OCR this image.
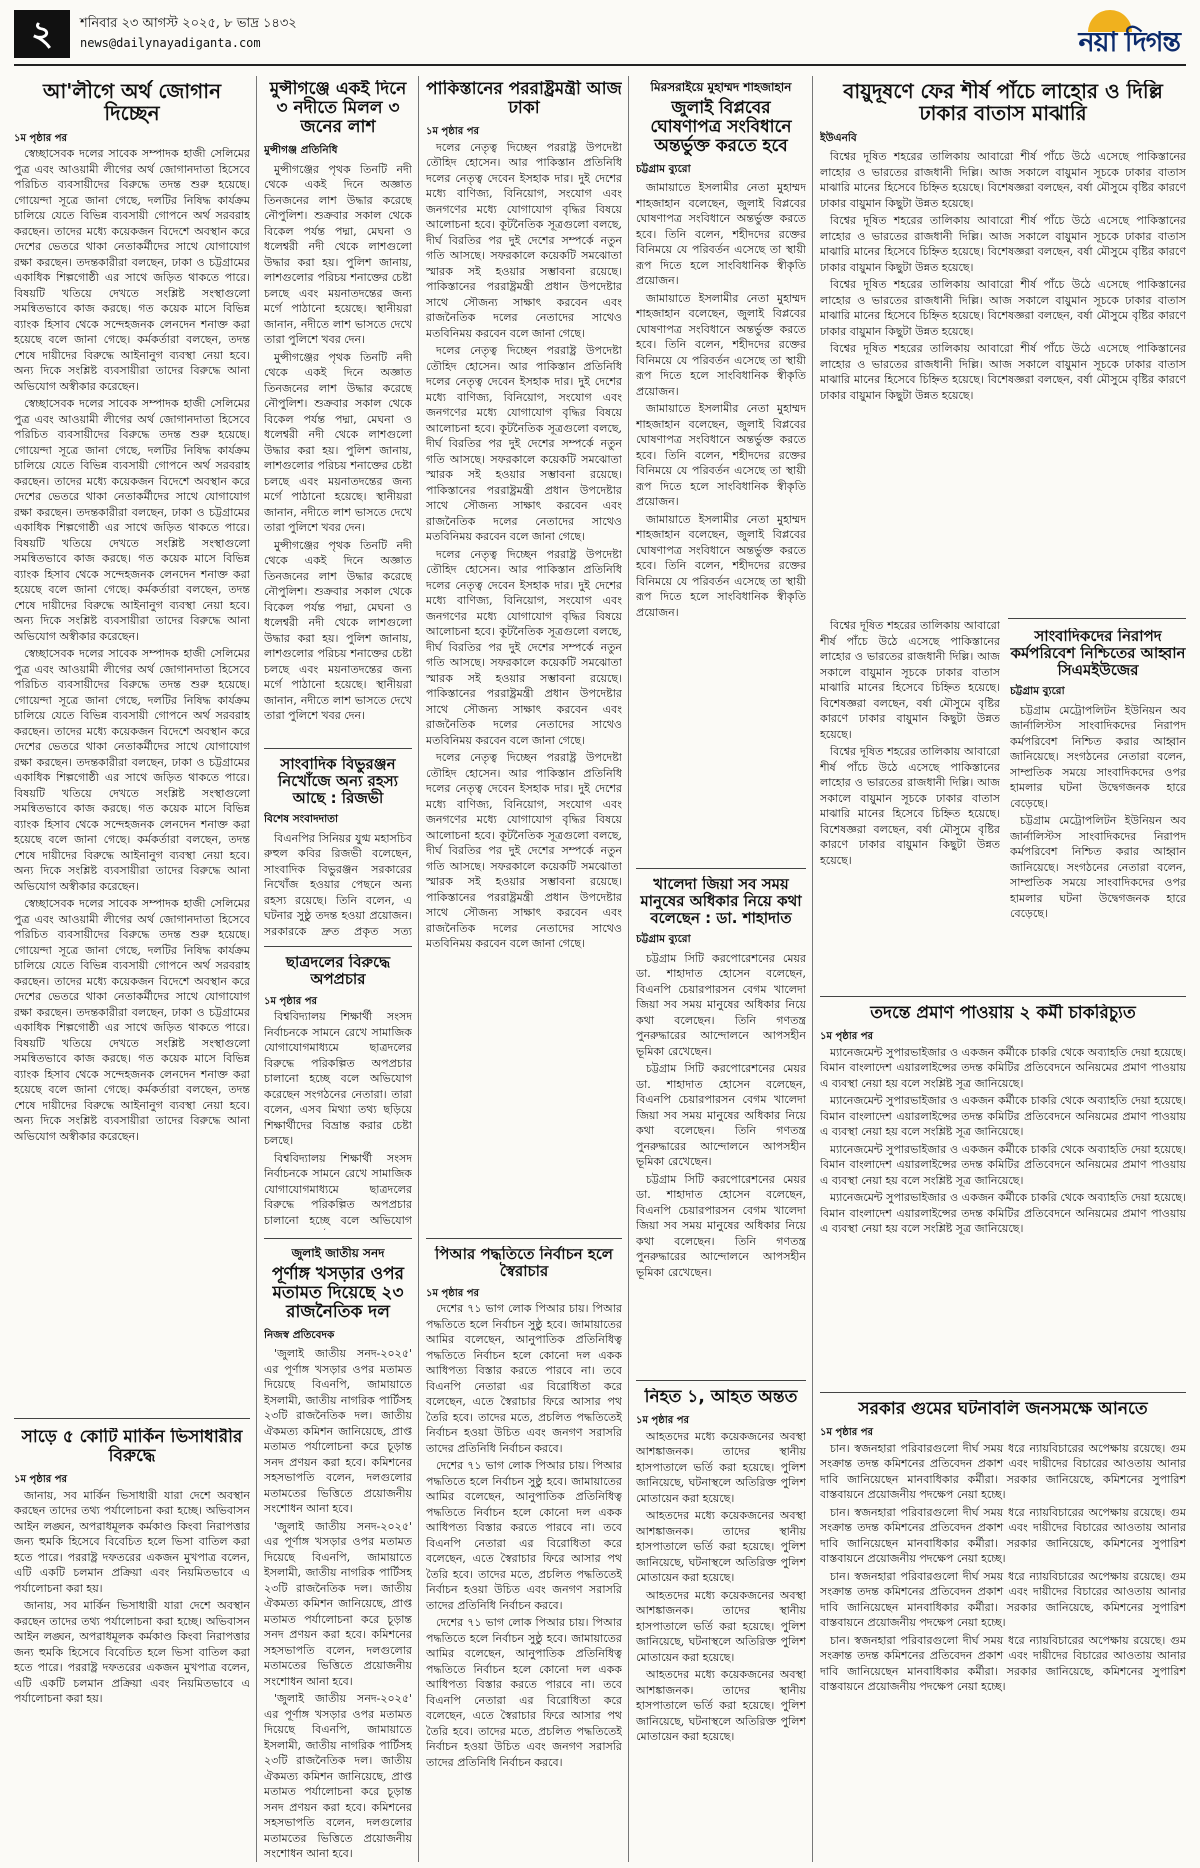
২	শনিবার ২৩ আগস্ট ২০২৫, ৮ ভাদ্র ১৪৩২
news@dailynayadiganta.com	নয়া দিগন্ত
আ'লীগে অর্থ জোগান দিচ্ছেন
১ম পৃষ্ঠার পর

স্বেচ্ছাসেবক দলের সাবেক সম্পাদক হাজী সেলিমের পুত্র এবং আওয়ামী লীগের অর্থ জোগানদাতা হিসেবে পরিচিত ব্যবসায়ীদের বিরুদ্ধে তদন্ত শুরু হয়েছে। গোয়েন্দা সূত্রে জানা গেছে, দলটির নিষিদ্ধ কার্যক্রম চালিয়ে যেতে বিভিন্ন ব্যবসায়ী গোপনে অর্থ সরবরাহ করছেন। তাদের মধ্যে কয়েকজন বিদেশে অবস্থান করে দেশের ভেতরে থাকা নেতাকর্মীদের সাথে যোগাযোগ রক্ষা করছেন। তদন্তকারীরা বলছেন, ঢাকা ও চট্টগ্রামের একাধিক শিল্পগোষ্ঠী এর সাথে জড়িত থাকতে পারে। বিষয়টি খতিয়ে দেখতে সংশ্লিষ্ট সংস্থাগুলো সমন্বিতভাবে কাজ করছে। গত কয়েক মাসে বিভিন্ন ব্যাংক হিসাব থেকে সন্দেহজনক লেনদেন শনাক্ত করা হয়েছে বলে জানা গেছে। কর্মকর্তারা বলছেন, তদন্ত শেষে দায়ীদের বিরুদ্ধে আইনানুগ ব্যবস্থা নেয়া হবে। অন্য দিকে সংশ্লিষ্ট ব্যবসায়ীরা তাদের বিরুদ্ধে আনা অভিযোগ অস্বীকার করেছেন।

স্বেচ্ছাসেবক দলের সাবেক সম্পাদক হাজী সেলিমের পুত্র এবং আওয়ামী লীগের অর্থ জোগানদাতা হিসেবে পরিচিত ব্যবসায়ীদের বিরুদ্ধে তদন্ত শুরু হয়েছে। গোয়েন্দা সূত্রে জানা গেছে, দলটির নিষিদ্ধ কার্যক্রম চালিয়ে যেতে বিভিন্ন ব্যবসায়ী গোপনে অর্থ সরবরাহ করছেন। তাদের মধ্যে কয়েকজন বিদেশে অবস্থান করে দেশের ভেতরে থাকা নেতাকর্মীদের সাথে যোগাযোগ রক্ষা করছেন। তদন্তকারীরা বলছেন, ঢাকা ও চট্টগ্রামের একাধিক শিল্পগোষ্ঠী এর সাথে জড়িত থাকতে পারে। বিষয়টি খতিয়ে দেখতে সংশ্লিষ্ট সংস্থাগুলো সমন্বিতভাবে কাজ করছে। গত কয়েক মাসে বিভিন্ন ব্যাংক হিসাব থেকে সন্দেহজনক লেনদেন শনাক্ত করা হয়েছে বলে জানা গেছে। কর্মকর্তারা বলছেন, তদন্ত শেষে দায়ীদের বিরুদ্ধে আইনানুগ ব্যবস্থা নেয়া হবে। অন্য দিকে সংশ্লিষ্ট ব্যবসায়ীরা তাদের বিরুদ্ধে আনা অভিযোগ অস্বীকার করেছেন।

স্বেচ্ছাসেবক দলের সাবেক সম্পাদক হাজী সেলিমের পুত্র এবং আওয়ামী লীগের অর্থ জোগানদাতা হিসেবে পরিচিত ব্যবসায়ীদের বিরুদ্ধে তদন্ত শুরু হয়েছে। গোয়েন্দা সূত্রে জানা গেছে, দলটির নিষিদ্ধ কার্যক্রম চালিয়ে যেতে বিভিন্ন ব্যবসায়ী গোপনে অর্থ সরবরাহ করছেন। তাদের মধ্যে কয়েকজন বিদেশে অবস্থান করে দেশের ভেতরে থাকা নেতাকর্মীদের সাথে যোগাযোগ রক্ষা করছেন। তদন্তকারীরা বলছেন, ঢাকা ও চট্টগ্রামের একাধিক শিল্পগোষ্ঠী এর সাথে জড়িত থাকতে পারে। বিষয়টি খতিয়ে দেখতে সংশ্লিষ্ট সংস্থাগুলো সমন্বিতভাবে কাজ করছে। গত কয়েক মাসে বিভিন্ন ব্যাংক হিসাব থেকে সন্দেহজনক লেনদেন শনাক্ত করা হয়েছে বলে জানা গেছে। কর্মকর্তারা বলছেন, তদন্ত শেষে দায়ীদের বিরুদ্ধে আইনানুগ ব্যবস্থা নেয়া হবে। অন্য দিকে সংশ্লিষ্ট ব্যবসায়ীরা তাদের বিরুদ্ধে আনা অভিযোগ অস্বীকার করেছেন।

স্বেচ্ছাসেবক দলের সাবেক সম্পাদক হাজী সেলিমের পুত্র এবং আওয়ামী লীগের অর্থ জোগানদাতা হিসেবে পরিচিত ব্যবসায়ীদের বিরুদ্ধে তদন্ত শুরু হয়েছে। গোয়েন্দা সূত্রে জানা গেছে, দলটির নিষিদ্ধ কার্যক্রম চালিয়ে যেতে বিভিন্ন ব্যবসায়ী গোপনে অর্থ সরবরাহ করছেন। তাদের মধ্যে কয়েকজন বিদেশে অবস্থান করে দেশের ভেতরে থাকা নেতাকর্মীদের সাথে যোগাযোগ রক্ষা করছেন। তদন্তকারীরা বলছেন, ঢাকা ও চট্টগ্রামের একাধিক শিল্পগোষ্ঠী এর সাথে জড়িত থাকতে পারে। বিষয়টি খতিয়ে দেখতে সংশ্লিষ্ট সংস্থাগুলো সমন্বিতভাবে কাজ করছে। গত কয়েক মাসে বিভিন্ন ব্যাংক হিসাব থেকে সন্দেহজনক লেনদেন শনাক্ত করা হয়েছে বলে জানা গেছে। কর্মকর্তারা বলছেন, তদন্ত শেষে দায়ীদের বিরুদ্ধে আইনানুগ ব্যবস্থা নেয়া হবে। অন্য দিকে সংশ্লিষ্ট ব্যবসায়ীরা তাদের বিরুদ্ধে আনা অভিযোগ অস্বীকার করেছেন।

সাড়ে ৫ কোটি মার্কিন ভিসাধারীর বিরুদ্ধে
১ম পৃষ্ঠার পর

জানায়, সব মার্কিন ভিসাধারী যারা দেশে অবস্থান করছেন তাদের তথ্য পর্যালোচনা করা হচ্ছে। অভিবাসন আইন লঙ্ঘন, অপরাধমূলক কর্মকাণ্ড কিংবা নিরাপত্তার জন্য হুমকি হিসেবে বিবেচিত হলে ভিসা বাতিল করা হতে পারে। পররাষ্ট্র দফতরের একজন মুখপাত্র বলেন, এটি একটি চলমান প্রক্রিয়া এবং নিয়মিতভাবে এ পর্যালোচনা করা হয়।

জানায়, সব মার্কিন ভিসাধারী যারা দেশে অবস্থান করছেন তাদের তথ্য পর্যালোচনা করা হচ্ছে। অভিবাসন আইন লঙ্ঘন, অপরাধমূলক কর্মকাণ্ড কিংবা নিরাপত্তার জন্য হুমকি হিসেবে বিবেচিত হলে ভিসা বাতিল করা হতে পারে। পররাষ্ট্র দফতরের একজন মুখপাত্র বলেন, এটি একটি চলমান প্রক্রিয়া এবং নিয়মিতভাবে এ পর্যালোচনা করা হয়।

মুন্সীগঞ্জে একই দিনে ৩ নদীতে মিলল ৩ জনের লাশ
মুন্সীগঞ্জ প্রতিনিধি

মুন্সীগঞ্জের পৃথক তিনটি নদী থেকে একই দিনে অজ্ঞাত তিনজনের লাশ উদ্ধার করেছে নৌপুলিশ। শুক্রবার সকাল থেকে বিকেল পর্যন্ত পদ্মা, মেঘনা ও ধলেশ্বরী নদী থেকে লাশগুলো উদ্ধার করা হয়। পুলিশ জানায়, লাশগুলোর পরিচয় শনাক্তের চেষ্টা চলছে এবং ময়নাতদন্তের জন্য মর্গে পাঠানো হয়েছে। স্থানীয়রা জানান, নদীতে লাশ ভাসতে দেখে তারা পুলিশে খবর দেন।

মুন্সীগঞ্জের পৃথক তিনটি নদী থেকে একই দিনে অজ্ঞাত তিনজনের লাশ উদ্ধার করেছে নৌপুলিশ। শুক্রবার সকাল থেকে বিকেল পর্যন্ত পদ্মা, মেঘনা ও ধলেশ্বরী নদী থেকে লাশগুলো উদ্ধার করা হয়। পুলিশ জানায়, লাশগুলোর পরিচয় শনাক্তের চেষ্টা চলছে এবং ময়নাতদন্তের জন্য মর্গে পাঠানো হয়েছে। স্থানীয়রা জানান, নদীতে লাশ ভাসতে দেখে তারা পুলিশে খবর দেন।

মুন্সীগঞ্জের পৃথক তিনটি নদী থেকে একই দিনে অজ্ঞাত তিনজনের লাশ উদ্ধার করেছে নৌপুলিশ। শুক্রবার সকাল থেকে বিকেল পর্যন্ত পদ্মা, মেঘনা ও ধলেশ্বরী নদী থেকে লাশগুলো উদ্ধার করা হয়। পুলিশ জানায়, লাশগুলোর পরিচয় শনাক্তের চেষ্টা চলছে এবং ময়নাতদন্তের জন্য মর্গে পাঠানো হয়েছে। স্থানীয়রা জানান, নদীতে লাশ ভাসতে দেখে তারা পুলিশে খবর দেন।

সাংবাদিক বিভুরঞ্জন নিখোঁজে অন্য রহস্য আছে : রিজভী
বিশেষ সংবাদদাতা

বিএনপির সিনিয়র যুগ্ম মহাসচিব রুহুল কবির রিজভী বলেছেন, সাংবাদিক বিভুরঞ্জন সরকারের নিখোঁজ হওয়ার পেছনে অন্য রহস্য রয়েছে। তিনি বলেন, এ ঘটনার সুষ্ঠু তদন্ত হওয়া প্রয়োজন। সরকারকে দ্রুত প্রকৃত সত্য

ছাত্রদলের বিরুদ্ধে অপপ্রচার
১ম পৃষ্ঠার পর

বিশ্ববিদ্যালয় শিক্ষার্থী সংসদ নির্বাচনকে সামনে রেখে সামাজিক যোগাযোগমাধ্যমে ছাত্রদলের বিরুদ্ধে পরিকল্পিত অপপ্রচার চালানো হচ্ছে বলে অভিযোগ করেছেন সংগঠনের নেতারা। তারা বলেন, এসব মিথ্যা তথ্য ছড়িয়ে শিক্ষার্থীদের বিভ্রান্ত করার চেষ্টা চলছে।

বিশ্ববিদ্যালয় শিক্ষার্থী সংসদ নির্বাচনকে সামনে রেখে সামাজিক যোগাযোগমাধ্যমে ছাত্রদলের বিরুদ্ধে পরিকল্পিত অপপ্রচার চালানো হচ্ছে বলে অভিযোগ

জুলাই জাতীয় সনদ
পূর্ণাঙ্গ খসড়ার ওপর মতামত দিয়েছে ২৩ রাজনৈতিক দল
নিজস্ব প্রতিবেদক

'জুলাই জাতীয় সনদ-২০২৫' এর পূর্ণাঙ্গ খসড়ার ওপর মতামত দিয়েছে বিএনপি, জামায়াতে ইসলামী, জাতীয় নাগরিক পার্টিসহ ২৩টি রাজনৈতিক দল। জাতীয় ঐকমত্য কমিশন জানিয়েছে, প্রাপ্ত মতামত পর্যালোচনা করে চূড়ান্ত সনদ প্রণয়ন করা হবে। কমিশনের সহসভাপতি বলেন, দলগুলোর মতামতের ভিত্তিতে প্রয়োজনীয় সংশোধন আনা হবে।

'জুলাই জাতীয় সনদ-২০২৫' এর পূর্ণাঙ্গ খসড়ার ওপর মতামত দিয়েছে বিএনপি, জামায়াতে ইসলামী, জাতীয় নাগরিক পার্টিসহ ২৩টি রাজনৈতিক দল। জাতীয় ঐকমত্য কমিশন জানিয়েছে, প্রাপ্ত মতামত পর্যালোচনা করে চূড়ান্ত সনদ প্রণয়ন করা হবে। কমিশনের সহসভাপতি বলেন, দলগুলোর মতামতের ভিত্তিতে প্রয়োজনীয় সংশোধন আনা হবে।

'জুলাই জাতীয় সনদ-২০২৫' এর পূর্ণাঙ্গ খসড়ার ওপর মতামত দিয়েছে বিএনপি, জামায়াতে ইসলামী, জাতীয় নাগরিক পার্টিসহ ২৩টি রাজনৈতিক দল। জাতীয় ঐকমত্য কমিশন জানিয়েছে, প্রাপ্ত মতামত পর্যালোচনা করে চূড়ান্ত সনদ প্রণয়ন করা হবে। কমিশনের সহসভাপতি বলেন, দলগুলোর মতামতের ভিত্তিতে প্রয়োজনীয় সংশোধন আনা হবে।

পাকিস্তানের পররাষ্ট্রমন্ত্রী আজ ঢাকা
১ম পৃষ্ঠার পর

দলের নেতৃত্ব দিচ্ছেন পররাষ্ট্র উপদেষ্টা তৌহিদ হোসেন। আর পাকিস্তান প্রতিনিধি দলের নেতৃত্ব দেবেন ইসহাক দার। দুই দেশের মধ্যে বাণিজ্য, বিনিয়োগ, সংযোগ এবং জনগণের মধ্যে যোগাযোগ বৃদ্ধির বিষয়ে আলোচনা হবে। কূটনৈতিক সূত্রগুলো বলছে, দীর্ঘ বিরতির পর দুই দেশের সম্পর্কে নতুন গতি আসছে। সফরকালে কয়েকটি সমঝোতা স্মারক সই হওয়ার সম্ভাবনা রয়েছে। পাকিস্তানের পররাষ্ট্রমন্ত্রী প্রধান উপদেষ্টার সাথে সৌজন্য সাক্ষাৎ করবেন এবং রাজনৈতিক দলের নেতাদের সাথেও মতবিনিময় করবেন বলে জানা গেছে।

দলের নেতৃত্ব দিচ্ছেন পররাষ্ট্র উপদেষ্টা তৌহিদ হোসেন। আর পাকিস্তান প্রতিনিধি দলের নেতৃত্ব দেবেন ইসহাক দার। দুই দেশের মধ্যে বাণিজ্য, বিনিয়োগ, সংযোগ এবং জনগণের মধ্যে যোগাযোগ বৃদ্ধির বিষয়ে আলোচনা হবে। কূটনৈতিক সূত্রগুলো বলছে, দীর্ঘ বিরতির পর দুই দেশের সম্পর্কে নতুন গতি আসছে। সফরকালে কয়েকটি সমঝোতা স্মারক সই হওয়ার সম্ভাবনা রয়েছে। পাকিস্তানের পররাষ্ট্রমন্ত্রী প্রধান উপদেষ্টার সাথে সৌজন্য সাক্ষাৎ করবেন এবং রাজনৈতিক দলের নেতাদের সাথেও মতবিনিময় করবেন বলে জানা গেছে।

দলের নেতৃত্ব দিচ্ছেন পররাষ্ট্র উপদেষ্টা তৌহিদ হোসেন। আর পাকিস্তান প্রতিনিধি দলের নেতৃত্ব দেবেন ইসহাক দার। দুই দেশের মধ্যে বাণিজ্য, বিনিয়োগ, সংযোগ এবং জনগণের মধ্যে যোগাযোগ বৃদ্ধির বিষয়ে আলোচনা হবে। কূটনৈতিক সূত্রগুলো বলছে, দীর্ঘ বিরতির পর দুই দেশের সম্পর্কে নতুন গতি আসছে। সফরকালে কয়েকটি সমঝোতা স্মারক সই হওয়ার সম্ভাবনা রয়েছে। পাকিস্তানের পররাষ্ট্রমন্ত্রী প্রধান উপদেষ্টার সাথে সৌজন্য সাক্ষাৎ করবেন এবং রাজনৈতিক দলের নেতাদের সাথেও মতবিনিময় করবেন বলে জানা গেছে।

দলের নেতৃত্ব দিচ্ছেন পররাষ্ট্র উপদেষ্টা তৌহিদ হোসেন। আর পাকিস্তান প্রতিনিধি দলের নেতৃত্ব দেবেন ইসহাক দার। দুই দেশের মধ্যে বাণিজ্য, বিনিয়োগ, সংযোগ এবং জনগণের মধ্যে যোগাযোগ বৃদ্ধির বিষয়ে আলোচনা হবে। কূটনৈতিক সূত্রগুলো বলছে, দীর্ঘ বিরতির পর দুই দেশের সম্পর্কে নতুন গতি আসছে। সফরকালে কয়েকটি সমঝোতা স্মারক সই হওয়ার সম্ভাবনা রয়েছে। পাকিস্তানের পররাষ্ট্রমন্ত্রী প্রধান উপদেষ্টার সাথে সৌজন্য সাক্ষাৎ করবেন এবং রাজনৈতিক দলের নেতাদের সাথেও মতবিনিময় করবেন বলে জানা গেছে।

পিআর পদ্ধতিতে নির্বাচন হলে স্বৈরাচার
১ম পৃষ্ঠার পর

দেশের ৭১ ভাগ লোক পিআর চায়। পিআর পদ্ধতিতে হলে নির্বাচন সুষ্ঠু হবে। জামায়াতের আমির বলেছেন, আনুপাতিক প্রতিনিধিত্ব পদ্ধতিতে নির্বাচন হলে কোনো দল একক আধিপত্য বিস্তার করতে পারবে না। তবে বিএনপি নেতারা এর বিরোধিতা করে বলেছেন, এতে স্বৈরাচার ফিরে আসার পথ তৈরি হবে। তাদের মতে, প্রচলিত পদ্ধতিতেই নির্বাচন হওয়া উচিত এবং জনগণ সরাসরি তাদের প্রতিনিধি নির্বাচন করবে।

দেশের ৭১ ভাগ লোক পিআর চায়। পিআর পদ্ধতিতে হলে নির্বাচন সুষ্ঠু হবে। জামায়াতের আমির বলেছেন, আনুপাতিক প্রতিনিধিত্ব পদ্ধতিতে নির্বাচন হলে কোনো দল একক আধিপত্য বিস্তার করতে পারবে না। তবে বিএনপি নেতারা এর বিরোধিতা করে বলেছেন, এতে স্বৈরাচার ফিরে আসার পথ তৈরি হবে। তাদের মতে, প্রচলিত পদ্ধতিতেই নির্বাচন হওয়া উচিত এবং জনগণ সরাসরি তাদের প্রতিনিধি নির্বাচন করবে।

দেশের ৭১ ভাগ লোক পিআর চায়। পিআর পদ্ধতিতে হলে নির্বাচন সুষ্ঠু হবে। জামায়াতের আমির বলেছেন, আনুপাতিক প্রতিনিধিত্ব পদ্ধতিতে নির্বাচন হলে কোনো দল একক আধিপত্য বিস্তার করতে পারবে না। তবে বিএনপি নেতারা এর বিরোধিতা করে বলেছেন, এতে স্বৈরাচার ফিরে আসার পথ তৈরি হবে। তাদের মতে, প্রচলিত পদ্ধতিতেই নির্বাচন হওয়া উচিত এবং জনগণ সরাসরি তাদের প্রতিনিধি নির্বাচন করবে।

মিরসরাইয়ে মুহাম্মদ শাহজাহান
জুলাই বিপ্লবের ঘোষণাপত্র সংবিধানে অন্তর্ভুক্ত করতে হবে
চট্টগ্রাম ব্যুরো

জামায়াতে ইসলামীর নেতা মুহাম্মদ শাহজাহান বলেছেন, জুলাই বিপ্লবের ঘোষণাপত্র সংবিধানে অন্তর্ভুক্ত করতে হবে। তিনি বলেন, শহীদদের রক্তের বিনিময়ে যে পরিবর্তন এসেছে তা স্থায়ী রূপ দিতে হলে সাংবিধানিক স্বীকৃতি প্রয়োজন।

জামায়াতে ইসলামীর নেতা মুহাম্মদ শাহজাহান বলেছেন, জুলাই বিপ্লবের ঘোষণাপত্র সংবিধানে অন্তর্ভুক্ত করতে হবে। তিনি বলেন, শহীদদের রক্তের বিনিময়ে যে পরিবর্তন এসেছে তা স্থায়ী রূপ দিতে হলে সাংবিধানিক স্বীকৃতি প্রয়োজন।

জামায়াতে ইসলামীর নেতা মুহাম্মদ শাহজাহান বলেছেন, জুলাই বিপ্লবের ঘোষণাপত্র সংবিধানে অন্তর্ভুক্ত করতে হবে। তিনি বলেন, শহীদদের রক্তের বিনিময়ে যে পরিবর্তন এসেছে তা স্থায়ী রূপ দিতে হলে সাংবিধানিক স্বীকৃতি প্রয়োজন।

জামায়াতে ইসলামীর নেতা মুহাম্মদ শাহজাহান বলেছেন, জুলাই বিপ্লবের ঘোষণাপত্র সংবিধানে অন্তর্ভুক্ত করতে হবে। তিনি বলেন, শহীদদের রক্তের বিনিময়ে যে পরিবর্তন এসেছে তা স্থায়ী রূপ দিতে হলে সাংবিধানিক স্বীকৃতি প্রয়োজন।

খালেদা জিয়া সব সময় মানুষের অধিকার নিয়ে কথা বলেছেন : ডা. শাহাদাত
চট্টগ্রাম ব্যুরো

চট্টগ্রাম সিটি করপোরেশনের মেয়র ডা. শাহাদাত হোসেন বলেছেন, বিএনপি চেয়ারপারসন বেগম খালেদা জিয়া সব সময় মানুষের অধিকার নিয়ে কথা বলেছেন। তিনি গণতন্ত্র পুনরুদ্ধারের আন্দোলনে আপসহীন ভূমিকা রেখেছেন।

চট্টগ্রাম সিটি করপোরেশনের মেয়র ডা. শাহাদাত হোসেন বলেছেন, বিএনপি চেয়ারপারসন বেগম খালেদা জিয়া সব সময় মানুষের অধিকার নিয়ে কথা বলেছেন। তিনি গণতন্ত্র পুনরুদ্ধারের আন্দোলনে আপসহীন ভূমিকা রেখেছেন।

চট্টগ্রাম সিটি করপোরেশনের মেয়র ডা. শাহাদাত হোসেন বলেছেন, বিএনপি চেয়ারপারসন বেগম খালেদা জিয়া সব সময় মানুষের অধিকার নিয়ে কথা বলেছেন। তিনি গণতন্ত্র পুনরুদ্ধারের আন্দোলনে আপসহীন ভূমিকা রেখেছেন।

নিহত ১, আহত অন্তত
১ম পৃষ্ঠার পর

আহতদের মধ্যে কয়েকজনের অবস্থা আশঙ্কাজনক। তাদের স্থানীয় হাসপাতালে ভর্তি করা হয়েছে। পুলিশ জানিয়েছে, ঘটনাস্থলে অতিরিক্ত পুলিশ মোতায়েন করা হয়েছে।

আহতদের মধ্যে কয়েকজনের অবস্থা আশঙ্কাজনক। তাদের স্থানীয় হাসপাতালে ভর্তি করা হয়েছে। পুলিশ জানিয়েছে, ঘটনাস্থলে অতিরিক্ত পুলিশ মোতায়েন করা হয়েছে।

আহতদের মধ্যে কয়েকজনের অবস্থা আশঙ্কাজনক। তাদের স্থানীয় হাসপাতালে ভর্তি করা হয়েছে। পুলিশ জানিয়েছে, ঘটনাস্থলে অতিরিক্ত পুলিশ মোতায়েন করা হয়েছে।

আহতদের মধ্যে কয়েকজনের অবস্থা আশঙ্কাজনক। তাদের স্থানীয় হাসপাতালে ভর্তি করা হয়েছে। পুলিশ জানিয়েছে, ঘটনাস্থলে অতিরিক্ত পুলিশ মোতায়েন করা হয়েছে।

বায়ুদূষণে ফের শীর্ষ পাঁচে লাহোর ও দিল্লি ঢাকার বাতাস মাঝারি
ইউএনবি

বিশ্বের দূষিত শহরের তালিকায় আবারো শীর্ষ পাঁচে উঠে এসেছে পাকিস্তানের লাহোর ও ভারতের রাজধানী দিল্লি। আজ সকালে বায়ুমান সূচকে ঢাকার বাতাস মাঝারি মানের হিসেবে চিহ্নিত হয়েছে। বিশেষজ্ঞরা বলছেন, বর্ষা মৌসুমে বৃষ্টির কারণে ঢাকার বায়ুমান কিছুটা উন্নত হয়েছে।

বিশ্বের দূষিত শহরের তালিকায় আবারো শীর্ষ পাঁচে উঠে এসেছে পাকিস্তানের লাহোর ও ভারতের রাজধানী দিল্লি। আজ সকালে বায়ুমান সূচকে ঢাকার বাতাস মাঝারি মানের হিসেবে চিহ্নিত হয়েছে। বিশেষজ্ঞরা বলছেন, বর্ষা মৌসুমে বৃষ্টির কারণে ঢাকার বায়ুমান কিছুটা উন্নত হয়েছে।

বিশ্বের দূষিত শহরের তালিকায় আবারো শীর্ষ পাঁচে উঠে এসেছে পাকিস্তানের লাহোর ও ভারতের রাজধানী দিল্লি। আজ সকালে বায়ুমান সূচকে ঢাকার বাতাস মাঝারি মানের হিসেবে চিহ্নিত হয়েছে। বিশেষজ্ঞরা বলছেন, বর্ষা মৌসুমে বৃষ্টির কারণে ঢাকার বায়ুমান কিছুটা উন্নত হয়েছে।

বিশ্বের দূষিত শহরের তালিকায় আবারো শীর্ষ পাঁচে উঠে এসেছে পাকিস্তানের লাহোর ও ভারতের রাজধানী দিল্লি। আজ সকালে বায়ুমান সূচকে ঢাকার বাতাস মাঝারি মানের হিসেবে চিহ্নিত হয়েছে। বিশেষজ্ঞরা বলছেন, বর্ষা মৌসুমে বৃষ্টির কারণে ঢাকার বায়ুমান কিছুটা উন্নত হয়েছে।

সাংবাদিকদের নিরাপদ কর্মপরিবেশ নিশ্চিতের আহ্বান সিএমইউজের
চট্টগ্রাম ব্যুরো

চট্টগ্রাম মেট্রোপলিটন ইউনিয়ন অব জার্নালিস্টস সাংবাদিকদের নিরাপদ কর্মপরিবেশ নিশ্চিত করার আহ্বান জানিয়েছে। সংগঠনের নেতারা বলেন, সাম্প্রতিক সময়ে সাংবাদিকদের ওপর হামলার ঘটনা উদ্বেগজনক হারে বেড়েছে।

চট্টগ্রাম মেট্রোপলিটন ইউনিয়ন অব জার্নালিস্টস সাংবাদিকদের নিরাপদ কর্মপরিবেশ নিশ্চিত করার আহ্বান জানিয়েছে। সংগঠনের নেতারা বলেন, সাম্প্রতিক সময়ে সাংবাদিকদের ওপর হামলার ঘটনা উদ্বেগজনক হারে বেড়েছে।

বিশ্বের দূষিত শহরের তালিকায় আবারো শীর্ষ পাঁচে উঠে এসেছে পাকিস্তানের লাহোর ও ভারতের রাজধানী দিল্লি। আজ সকালে বায়ুমান সূচকে ঢাকার বাতাস মাঝারি মানের হিসেবে চিহ্নিত হয়েছে। বিশেষজ্ঞরা বলছেন, বর্ষা মৌসুমে বৃষ্টির কারণে ঢাকার বায়ুমান কিছুটা উন্নত হয়েছে।

বিশ্বের দূষিত শহরের তালিকায় আবারো শীর্ষ পাঁচে উঠে এসেছে পাকিস্তানের লাহোর ও ভারতের রাজধানী দিল্লি। আজ সকালে বায়ুমান সূচকে ঢাকার বাতাস মাঝারি মানের হিসেবে চিহ্নিত হয়েছে। বিশেষজ্ঞরা বলছেন, বর্ষা মৌসুমে বৃষ্টির কারণে ঢাকার বায়ুমান কিছুটা উন্নত হয়েছে।

তদন্তে প্রমাণ পাওয়ায় ২ কর্মী চাকরিচ্যুত
১ম পৃষ্ঠার পর

ম্যানেজমেন্ট সুপারভাইজার ও একজন কর্মীকে চাকরি থেকে অব্যাহতি দেয়া হয়েছে। বিমান বাংলাদেশ এয়ারলাইন্সের তদন্ত কমিটির প্রতিবেদনে অনিয়মের প্রমাণ পাওয়ায় এ ব্যবস্থা নেয়া হয় বলে সংশ্লিষ্ট সূত্র জানিয়েছে।

ম্যানেজমেন্ট সুপারভাইজার ও একজন কর্মীকে চাকরি থেকে অব্যাহতি দেয়া হয়েছে। বিমান বাংলাদেশ এয়ারলাইন্সের তদন্ত কমিটির প্রতিবেদনে অনিয়মের প্রমাণ পাওয়ায় এ ব্যবস্থা নেয়া হয় বলে সংশ্লিষ্ট সূত্র জানিয়েছে।

ম্যানেজমেন্ট সুপারভাইজার ও একজন কর্মীকে চাকরি থেকে অব্যাহতি দেয়া হয়েছে। বিমান বাংলাদেশ এয়ারলাইন্সের তদন্ত কমিটির প্রতিবেদনে অনিয়মের প্রমাণ পাওয়ায় এ ব্যবস্থা নেয়া হয় বলে সংশ্লিষ্ট সূত্র জানিয়েছে।

ম্যানেজমেন্ট সুপারভাইজার ও একজন কর্মীকে চাকরি থেকে অব্যাহতি দেয়া হয়েছে। বিমান বাংলাদেশ এয়ারলাইন্সের তদন্ত কমিটির প্রতিবেদনে অনিয়মের প্রমাণ পাওয়ায় এ ব্যবস্থা নেয়া হয় বলে সংশ্লিষ্ট সূত্র জানিয়েছে।

সরকার গুমের ঘটনাবলি জনসমক্ষে আনতে
১ম পৃষ্ঠার পর

চান। স্বজনহারা পরিবারগুলো দীর্ঘ সময় ধরে ন্যায়বিচারের অপেক্ষায় রয়েছে। গুম সংক্রান্ত তদন্ত কমিশনের প্রতিবেদন প্রকাশ এবং দায়ীদের বিচারের আওতায় আনার দাবি জানিয়েছেন মানবাধিকার কর্মীরা। সরকার জানিয়েছে, কমিশনের সুপারিশ বাস্তবায়নে প্রয়োজনীয় পদক্ষেপ নেয়া হচ্ছে।

চান। স্বজনহারা পরিবারগুলো দীর্ঘ সময় ধরে ন্যায়বিচারের অপেক্ষায় রয়েছে। গুম সংক্রান্ত তদন্ত কমিশনের প্রতিবেদন প্রকাশ এবং দায়ীদের বিচারের আওতায় আনার দাবি জানিয়েছেন মানবাধিকার কর্মীরা। সরকার জানিয়েছে, কমিশনের সুপারিশ বাস্তবায়নে প্রয়োজনীয় পদক্ষেপ নেয়া হচ্ছে।

চান। স্বজনহারা পরিবারগুলো দীর্ঘ সময় ধরে ন্যায়বিচারের অপেক্ষায় রয়েছে। গুম সংক্রান্ত তদন্ত কমিশনের প্রতিবেদন প্রকাশ এবং দায়ীদের বিচারের আওতায় আনার দাবি জানিয়েছেন মানবাধিকার কর্মীরা। সরকার জানিয়েছে, কমিশনের সুপারিশ বাস্তবায়নে প্রয়োজনীয় পদক্ষেপ নেয়া হচ্ছে।

চান। স্বজনহারা পরিবারগুলো দীর্ঘ সময় ধরে ন্যায়বিচারের অপেক্ষায় রয়েছে। গুম সংক্রান্ত তদন্ত কমিশনের প্রতিবেদন প্রকাশ এবং দায়ীদের বিচারের আওতায় আনার দাবি জানিয়েছেন মানবাধিকার কর্মীরা। সরকার জানিয়েছে, কমিশনের সুপারিশ বাস্তবায়নে প্রয়োজনীয় পদক্ষেপ নেয়া হচ্ছে।
